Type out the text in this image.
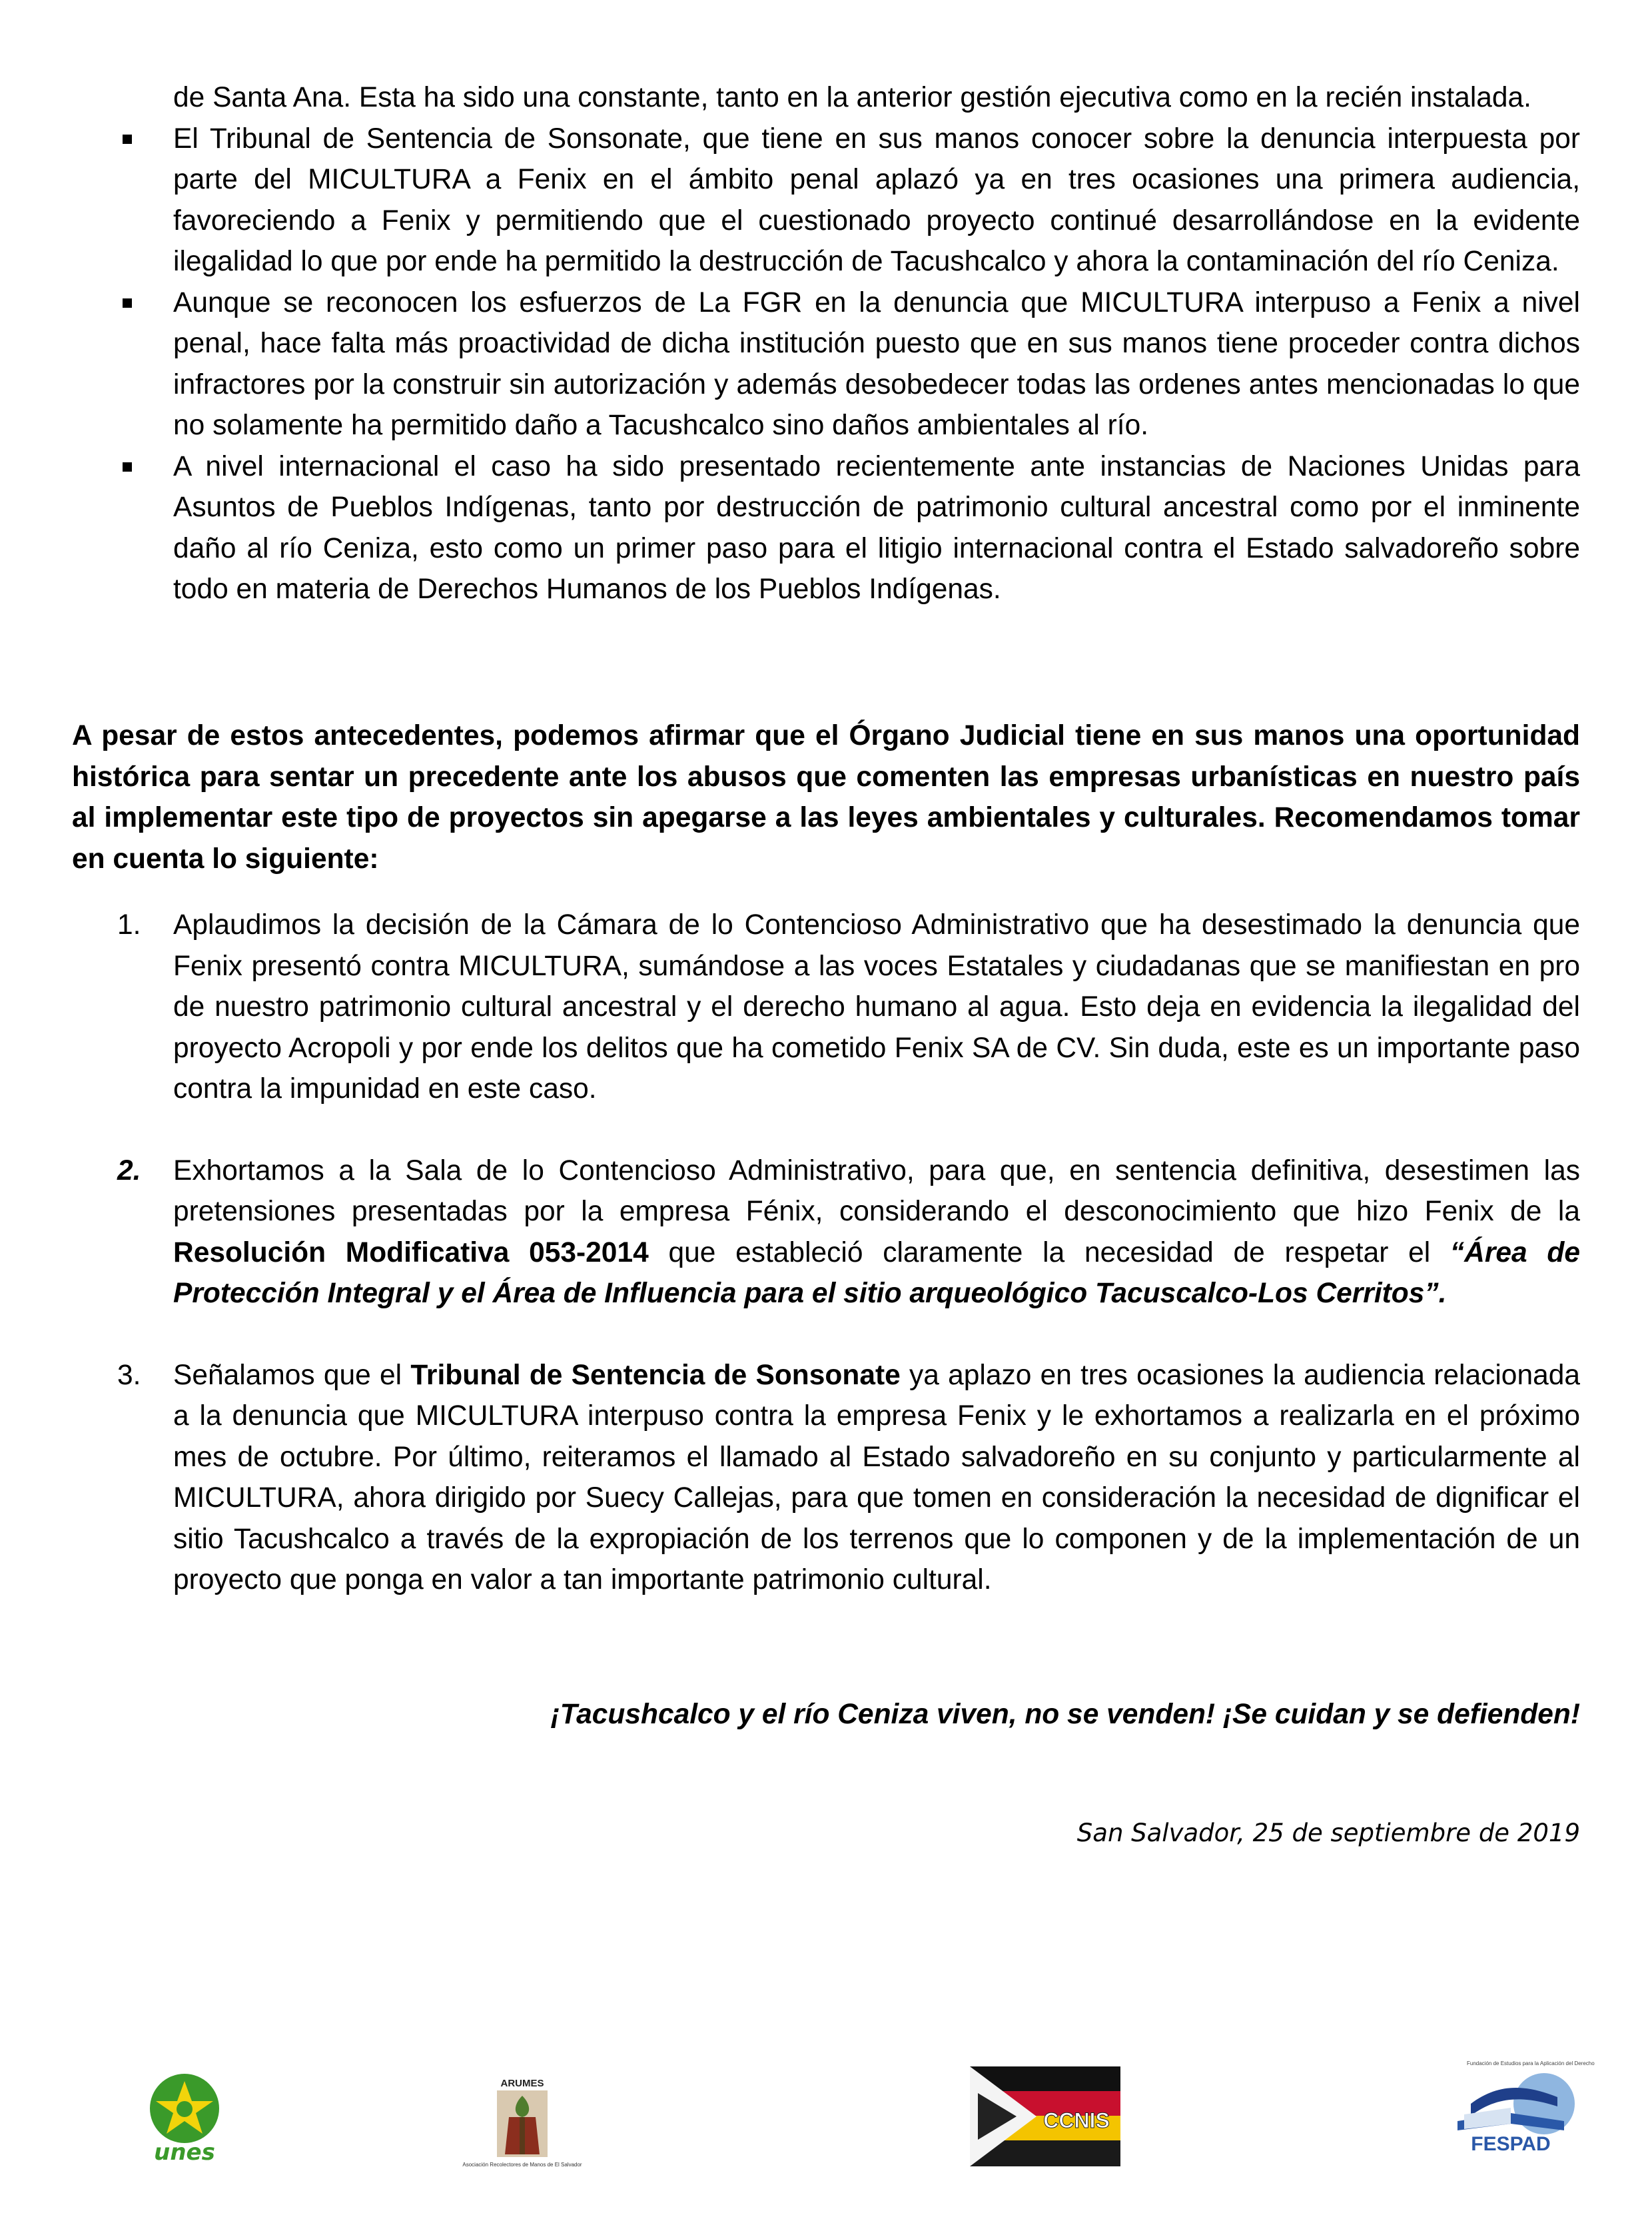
de Santa Ana. Esta ha sido una constante, tanto en la anterior gestión ejecutiva como en la recién instalada.
El Tribunal de Sentencia de Sonsonate, que tiene en sus manos conocer sobre la denuncia interpuesta por parte del MICULTURA a Fenix en el ámbito penal aplazó ya en tres ocasiones una primera audiencia, favoreciendo a Fenix y permitiendo que el cuestionado proyecto continué desarrollándose en la evidente ilegalidad lo que por ende ha permitido la destrucción de Tacushcalco y ahora la contaminación del río Ceniza.
Aunque se reconocen los esfuerzos de La FGR en la denuncia que MICULTURA interpuso a Fenix a nivel penal, hace falta más proactividad de dicha institución puesto que en sus manos tiene proceder contra dichos infractores por la construir sin autorización y además desobedecer todas las ordenes antes mencionadas lo que no solamente ha permitido daño a Tacushcalco sino daños ambientales al río.
A nivel internacional el caso ha sido presentado recientemente ante instancias de Naciones Unidas para Asuntos de Pueblos Indígenas, tanto por destrucción de patrimonio cultural ancestral como por el inminente daño al río Ceniza, esto como un primer paso para el litigio internacional contra el Estado salvadoreño sobre todo en materia de Derechos Humanos de los Pueblos Indígenas.

A pesar de estos antecedentes, podemos afirmar que el Órgano Judicial tiene en sus manos una oportunidad histórica para sentar un precedente ante los abusos que comenten las empresas urbanísticas en nuestro país al implementar este tipo de proyectos sin apegarse a las leyes ambientales y culturales. Recomendamos tomar en cuenta lo siguiente:

1. Aplaudimos la decisión de la Cámara de lo Contencioso Administrativo que ha desestimado la denuncia que Fenix presentó contra MICULTURA, sumándose a las voces Estatales y ciudadanas que se manifiestan en pro de nuestro patrimonio cultural ancestral y el derecho humano al agua. Esto deja en evidencia la ilegalidad del proyecto Acropoli y por ende los delitos que ha cometido Fenix SA de CV. Sin duda, este es un importante paso contra la impunidad en este caso.
2. Exhortamos a la Sala de lo Contencioso Administrativo, para que, en sentencia definitiva, desestimen las pretensiones presentadas por la empresa Fénix, considerando el desconocimiento que hizo Fenix de la Resolución Modificativa 053-2014 que estableció claramente la necesidad de respetar el “Área de Protección Integral y el Área de Influencia para el sitio arqueológico Tacuscalco-Los Cerritos”.
3. Señalamos que el Tribunal de Sentencia de Sonsonate ya aplazo en tres ocasiones la audiencia relacionada a la denuncia que MICULTURA interpuso contra la empresa Fenix y le exhortamos a realizarla en el próximo mes de octubre. Por último, reiteramos el llamado al Estado salvadoreño en su conjunto y particularmente al MICULTURA, ahora dirigido por Suecy Callejas, para que tomen en consideración la necesidad de dignificar el sitio Tacushcalco a través de la expropiación de los terrenos que lo componen y de la implementación de un proyecto que ponga en valor a tan importante patrimonio cultural.
¡Tacushcalco y el río Ceniza viven, no se venden! ¡Se cuidan y se defienden!
San Salvador, 25 de septiembre de 2019
unes
ARUMES
Asociación Recolectores de Manos de El Salvador
CCNIS
Fundación de Estudios para la Aplicación del Derecho
FESPAD
